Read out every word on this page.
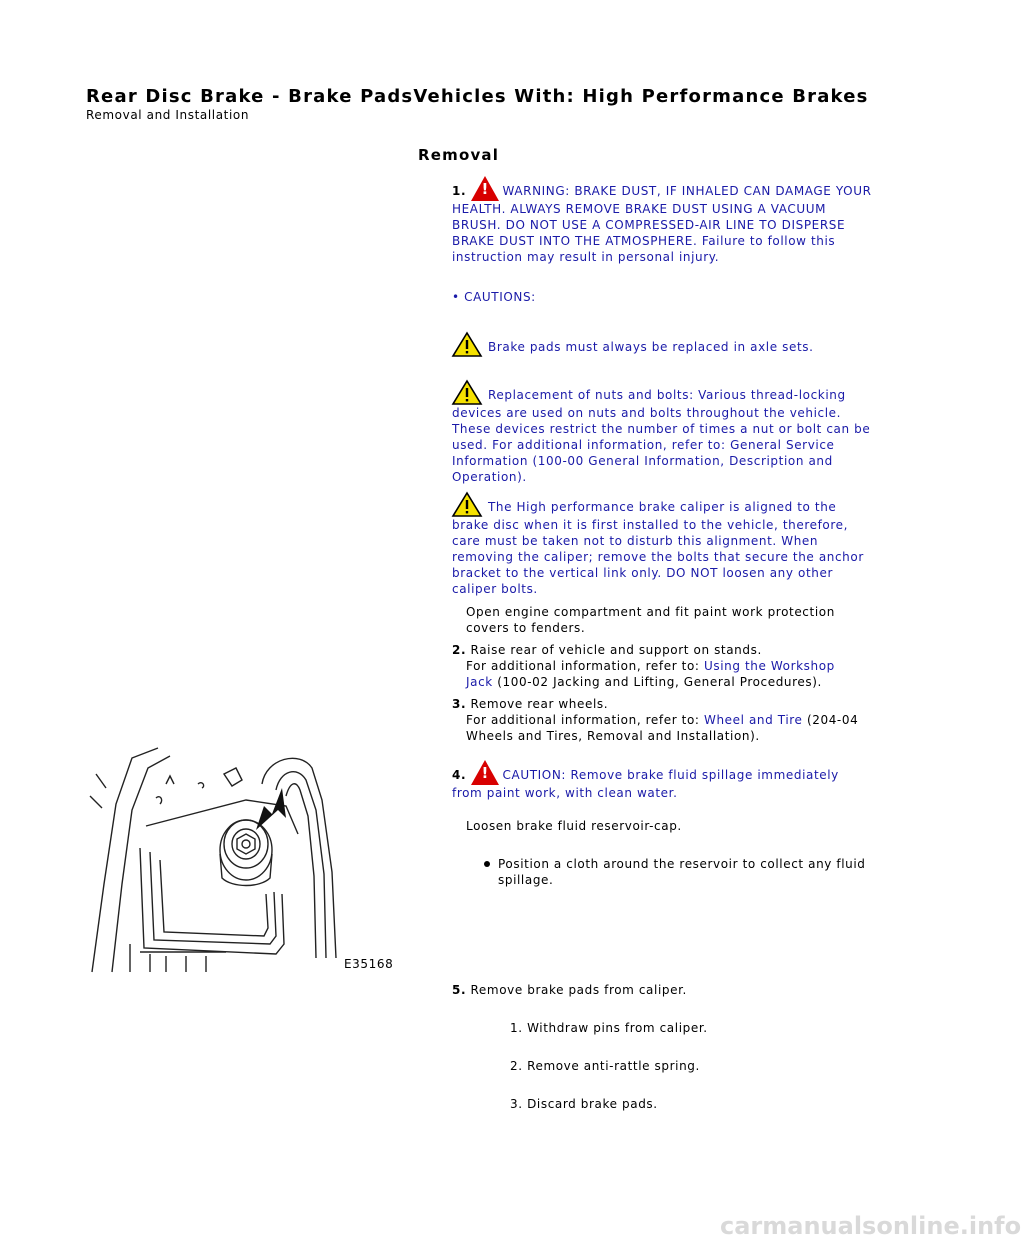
Rear Disc Brake - Brake PadsVehicles With: High Performance Brakes
Removal and Installation
Removal
1. !	WARNING: BRAKE DUST, IF INHALED CAN DAMAGE YOUR HEALTH. ALWAYS REMOVE BRAKE DUST USING A VACUUM BRUSH. DO NOT USE A COMPRESSED-AIR LINE TO DISPERSE BRAKE DUST INTO THE ATMOSPHERE. Failure to follow this instruction may result in personal injury.
• CAUTIONS:
Brake pads must always be replaced in axle sets.
Replacement of nuts and bolts: Various thread-locking devices are used on nuts and bolts throughout the vehicle. These devices restrict the number of times a nut or bolt can be used. For additional information, refer to: General Service Information (100-00 General Information, Description and Operation).
The High performance brake caliper is aligned to the brake disc when it is first installed to the vehicle, therefore, care must be taken not to disturb this alignment. When removing the caliper; remove the bolts that secure the anchor bracket to the vertical link only. DO NOT loosen any other caliper bolts.
Open engine compartment and fit paint work protection covers to fenders.
2. Raise rear of vehicle and support on stands.
For additional information, refer to: Using the Workshop Jack (100-02 Jacking and Lifting, General Procedures).
3. Remove rear wheels.
For additional information, refer to: Wheel and Tire (204-04 Wheels and Tires, Removal and Installation).
4. !	CAUTION: Remove brake fluid spillage immediately from paint work, with clean water.
Loosen brake fluid reservoir-cap.
Position a cloth around the reservoir to collect any fluid spillage.
E35168
5. Remove brake pads from caliper.
1. Withdraw pins from caliper.
2. Remove anti-rattle spring.
3. Discard brake pads.
carmanualsonline.info
